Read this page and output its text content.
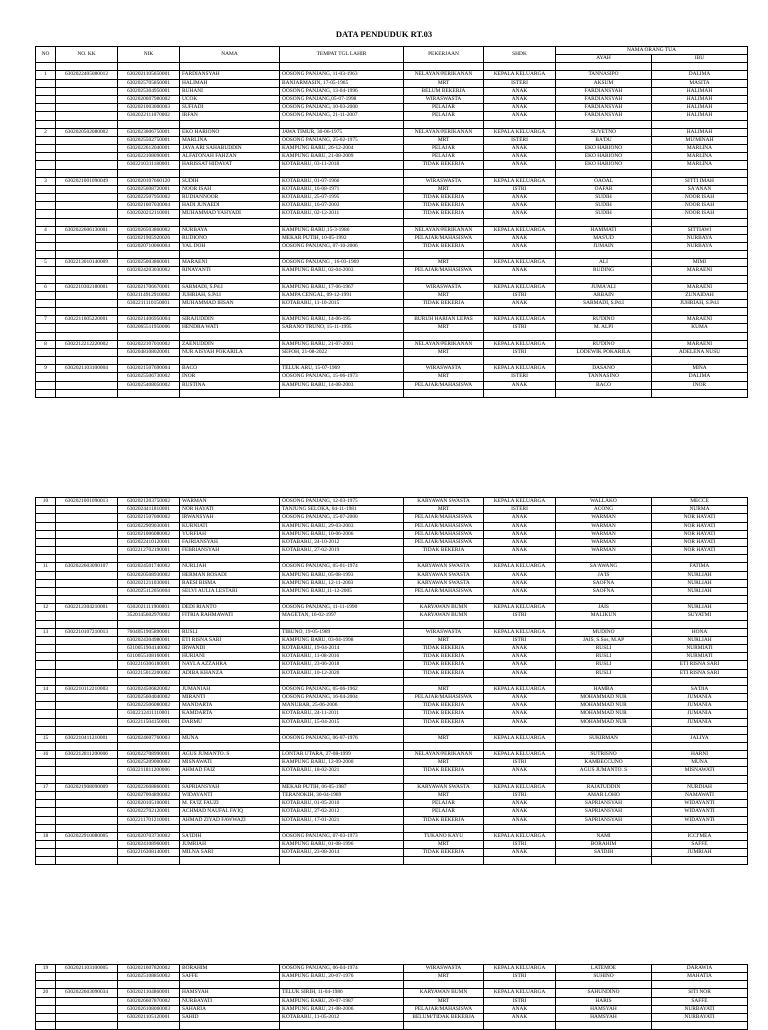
DATA PENDUDUK RT.03
NO	NO. KK	NIK	NAMA	TEMPAT TGL LAHIR	PEKERJAAN	SHDK	NAMA ORANG TUA	
							AYAH	IBU

1	6302022405080012	6302021105650001	FARDIANSYAH	OOSONG PANJANG, 11-03-1963	NELAYAN/PERIKANAN	KEPALA KELUARGA	TANNASIPO	DALIMA
		6302025705850001	HALIMAH	BANJARMASIN, 17-05-1965	MRT	ISTERI	AKSUM	MASITA
		6302025304950001	RUHANI	OOSONG PANJANG, 13-04-1996	BELUM BEKERJA	ANAK	FARDIANSYAH	HALIMAH
		6302020607980002	UCOK	OOSONG PANJANG,05-07-1998	WIRASWASTA	ANAK	FARDIANSYAH	HALIMAH
		6302021003000003	SUFIADI	OOSONG PANJANG, 10-03-2000	PELAJAR	ANAK	FARDIANSYAH	HALIMAH
		6302022111070002	IRFAN	OOSONG PANJANG, 21-11-2007	PELAJAR	ANAK	FARDIANSYAH	HALIMAH

2	6302020502080002	6302023006750001	EKO HARIONO	JAWA TIMUR, 30-06-1975	NELAYAN/PERIKANAN	KEPALA KELUARGA	SUYETNO	HALIMAH
		6302025502750001	MARLINA	OOSONG PANJANG, 25-02-1975	MRT	ISTERI	BA'DU	MU'MINAH
		6302022612040001	JAYA ARI SAHABUDDIN	KAMPUNG BARU, 26-12-2004	PELAJAR	ANAK	EKO HARIONO	MARLINA
		6302022108090001	ALFATONAH FAHZAN	KAMPUNG BARU, 21-08-2009	PELAJAR	ANAK	EKO HARIONO	MARLINA
		6302210311180001	HARISSAT HIDAYAT	KOTABARU, 03-11-2018	TIDAK BEKERJA	ANAK	EKO HARIONO	MARLINA

3	6302021001090049	6302020107660120	SUDIH	KOTABARU, 01-07-1966	WIRASWASTA	KEPALA KELUARGA	OAOAL	SITTI IMAH
		6302025608720001	NOOR ISAH	KOTABARU, 16-08-1971	MRT	ISTRI	OAFAR	SA'ANAN
		6302022507950002	RUDIANNOOR	KOTABARU, 25-07-1995	TIDAK BEKERJA	ANAK	SUDIH	NOOR ISAH
		6302021607030004	HADI JUNAEDI	KOTABARU, 16-07-2003	TIDAK BEKERJA	ANAK	SUDIH	NOOR ISAH
		6302020212110001	MUHAMMAD YAHYADI	KOTABARU, 02-12-2011	TIDAK BEKERJA	ANAK	SUDIH	NOOR ISAH

4	6302022606130001	6302026503860002	NURBAYA	KAMPUNG BARU,15-3-1986	NELAYAN/PERIKANAN	KEPALA KELUARGA	HAMMATI	SITTIAWI
		6302021905920026	RUDIONO	MEKAR PUTIH, 10-05-1992	PELAJAR/MAHASISWA	ANAK	MAS'UD	NURBAYA
		6302020710060004	YAL DOH	OOSONG PANJANG, 07-10-2006	TIDAK BEKERJA	ANAK	JUMAIN	NURBAYA

5	6302213010140009	6302025003860001	MARAENI	OOSONG PANJANG , 16-03-1969	MRT	KEPALA KELUARGA	ALI	MIMI
		6302024203030002	RINAYANTI	KAMPUNG BARU, 02-04-2003	PELAJAR/MAHASISWA	ANAK	RUDING	MARAENI

6	6302210302180001	6302021706670001	SARMADI, S.Pd.I	KAMPUNG BARU, 17-06-1967	WIRASWASTA	KEPALA KELUARGA	JUMA'ALI	MARAENI
		6302114912910002	JUHRIAH, S.Pd.I	KAMPA CENGAL, 09-12-1991	MRT	ISTRI	ARBAIN	ZUNAIDAH
		6302211110150001	MUHAMMAD IHSAN	KOTABARU, 11-10-2015	TIDAK BEKERJA	ANAK	SARMADI, S.Pd.I	JUHRIAH, S.Pd.I

7	6302211605220001	6302021406950004	SIRAJUDDIN	KAMPUNG BARU, 14-06-195	BURUH HARIAN LEPAS	KEPALA KELUARGA	RU'DINO	MARAENI
		6302065511950006	HENDRA WATI	SARANO TRUNO, 15-11-1995	MRT	ISTRI	M. ALPI	KUMA

8	6302212212220002	6302022107010002	ZAENUDDIN	KAMPUNG BARU, 21-07-2001	NELAYAN/PERIKANAN	KEPALA KELUARGA	RU'DINO	MARAENI
		6302048108020001	NUR AISYAH POKARILA	SEFOH, 21-08-2022	MRT	ISTRI	LODEWIK POKARILA	ADELENA NUSU

9	6302021103100004	6302021507690004	BACO	TELUK ARU, 15-07-1969	WIRASWASTA	KEPALA KELUARGA	DASANO	MINA
		6302025506730002	INOR	OOSONG PANJANG, 15-06-1973	MRT	ISTERI	TANNASINO	DALIMA
		6302025408050002	RUSTINA	KAMPUNG BARU, 14-08-2003	PELAJAR/MAHASISWA	ANAK	BACO	INOR

10	6302021001090013	6302021203750002	WARMAN	OOSONG PANJANG, 12-03-1975	KARYAWAN SWASTA	KEPALA KELUARGA	WALLAKO	MECCE
		6302024411810001	NOR HAYATI	TANJUNG SELOKA, 04-11-1981	MRT	ISTERI	ACONG	NURMA
		6302021507000002	IRWANSYAH	OOSONG PANJANG, 15-07-2000	PELAJAR/MAHASISWA	ANAK	WARMAN	NOR HAYATI
		6302022909030001	KURNIATI	KAMPUNG BARU, 29-03-2003	PELAJAR/MAHASISWA	ANAK	WARMAN	NOR HAYATI
		6302021006080002	YURFIAH	KAMPUNG BARU, 10-06-2006	PELAJAR/MAHASISWA	ANAK	WARMAN	NOR HAYATI
		6302022410120001	FAJRIANSYAH	KOTABARU, 24-10-2012	PELAJAR/MAHASISWA	ANAK	WARMAN	NOR HAYATI
		6302212702190001	FEBRIANSYAH	KOTABARU, 27-02-2019	TIDAK BEKERJA	ANAK	WARMAN	NOR HAYATI

11	6302022603090107	6302024501740002	NURLIAH	OOSONG PANJANG, 05-01-1974	KARYAWAN SWASTA	KEPALA KELUARGA	SA'AWANG	FATIMA
		6302020508930002	HERMAN ROSADI	KAMPUNG BARU, 05-08-1993	KARYAWAN SWASTA	ANAK	JA'IS	NURLIAH
		6302021211030001	RAESI BISMA	KAMPUNG BARU, 12-11-2003	KARYAWAN SWASTA	ANAK	SAOFNA	NURLIAH
		6302025112050004	SELVI AULIA LESTARI	KAMPUNG BARU,11-12-2005	PELAJAR/MAHASISWA	ANAK	SAOFNA	NURLIAH

12	6302212304210001	6302021111900001	DEDI RIANTO	OOSONG PANJANG, 11-11-1990	KARYAWAN BUMN	KEPALA KELUARGA	JAIS	NURLIAH
		3520145602970002	FITRIA RAHMAWATI	MAGETAN, 16-02-1997	KARYAWAN BUMN	ISTRI	MALIKUN	SUYATMI

13	6302210107210013	7604051905890001	RUSLI	TIBUNO, 19-05-1989	WIRASWASTA	KEPALA KELUARGA	MUDINO	HONA
		6302024304980001	ETI RISNA SARI	KAMPUNG BARU, 03-04-1998	MRT	ISTRI	JAIS, S.Sos, M.AP	NURLIAH
		6310051904140002	IRWANDI	KOTABARU, 19-04-2014	TIDAK BEKERJA	ANAK	RUSLI	NURMIATI
		6310055108160001	HURIANI	KOTABARU, 11-08-2016	TIDAK BEKERJA	ANAK	RUSLI	NURMIATI
		6302216306180001	NAYLA AZZAHRA	KOTABARU, 23-06-2018	TIDAK BEKERJA	ANAK	RUSLI	ETI RISNA SARI
		6302215012200002	ADIBA KHANZA	KOTABARU, 10-12-2020	TIDAK BEKERJA	ANAK	RUSLI	ETI RISNA SARI

14	6302210112210003	6302024506820002	JUMANIAH	OOSONG PANJANG, 05-06-1962	MRT	KEPALA KELUARGA	HAMBA	SA'DIA
		6302025604040002	MIRANTI	OOSONG PANJANG, 16-04-2004	PELAJAR/MAHASISWA	ANAK	MOHAMMAD NUR	JUMANIA
		6302022506080002	MANDARTA	MANUBAR, 25-06-2006	TIDAK BEKERJA	ANAK	MOHAMMAD NUR	JUMANIA
		6302212411110001	KAMDARTA	KOTABARU, 24-11-2011	TIDAK BEKERJA	ANAK	MOHAMMAD NUR	JUMANIA
		6302211504150001	DARMU	KOTABARU, 15-04-2015	TIDAK BEKERJA	ANAK	MOHAMMAD NUR	JUMANIA

15	6302210411210001	6302024607760003	MUNA	OOSONG PANJANG, 06-07-1976	MRT	KEPALA KELUARGA	SUKIRMAN	JALIYA

16	6302212811200006	6302022708990001	AGUS JUMANTO. S	LONTAR UTARA, 27-08-1999	NELAYAN/PERIKANAN	KEPALA KELUARGA	SUTRISNO	HARNI
		6302025209000002	MISNAWATI	KAMPUNG BARU, 12-09-2000	MRT	ISTRI	KAMBECCUNO	MUNA
		6302211811200006	AHMAD FAIZ	KOTABARU, 18-02-2021	TIDAK BEKERJA	ANAK	AGUS JUMANTO. S	MISNAWATI

17	6302021908090009	6302022608860001	SAPRIANSYAH	MEKAR PUTIH, 06-05-1987	KARYAWAN SWASTA	KEPALA KELUARGA	RAJATUDDIN	NURDIAH
		6302027004890002	WIDAYANTI	TERANOKIH, 30-04-1989	MRT	ISTRI	AMAR LOHO	NAMAWATI
		6302020105100001	M. FA'IZ FAUZI	KOTABARU, 01-05-2010	PELAJAR	ANAK	SAPRIANSYAH	WIDAYANTI
		6302022702120001	ACHMAD NAUFAL FA'IQ	KOTABARU, 27-02-2012	PELAJAR	ANAK	SAPRIANSYAH	WIDAYANTI
		6302211701210001	AHMAD ZIYAD FAWWAZI	KOTABARU, 17-01-2021	TIDAK BEKERJA	ANAK	SAPRIANSYAH	WIDAYANTI

18	6302022910080005	6302020703730002	SA'IDIH	OOSONG PANJANG, 07-03-1973	TUKANO KAYU	KEPALA KELUARGA	NAMI	ICCI'MEA
		6302024108960001	JUMRIAH	KAMPUNG BARU, 01-08-1996	MRT	ISTRI	BORAHIM	SAFFE
		6302216308140001	MILNA SARI	KOTABARU, 23-08-2014	TIDAK BEKERJA	ANAK	SA'IDIH	JUMRIAH

19	6302021103100005	6302021607820002	BORAHIM	OOSONG PANJANG, 06-04-1974	WIRASWASTA	KEPALA KELUARGA	LATEMOE	DARAWIA
		6302025108850002	SAFFE	KAMPUNG BARU, 20-07-1976	MRT	ISTRI	SUHINO	MAHATIA

20	6302022603090034	6302021104860001	HAMSYAH	TELUK SIRIH, 11-04-1986	KARYAWAN BUMN	KEPALA KELUARGA	SAHUNDINO	SITI NOR
		6302026607870002	NURBAYATI	KAMPUNG BARU, 20-07-1987	MRT	ISTRI	HARIS	SAFFE
		6302026108060003	SAHARIA	KAMPUNG BARU, 21-08-2006	PELAJAR/MAHASISWA	ANAK	HAMSYAH	NURBAYATI
		6302021105120001	SAHID	KOTABARU, 11-05-2012	BELUM/TIDAK BEKERJA	ANAK	HAMSYAH	NURBAYATI
